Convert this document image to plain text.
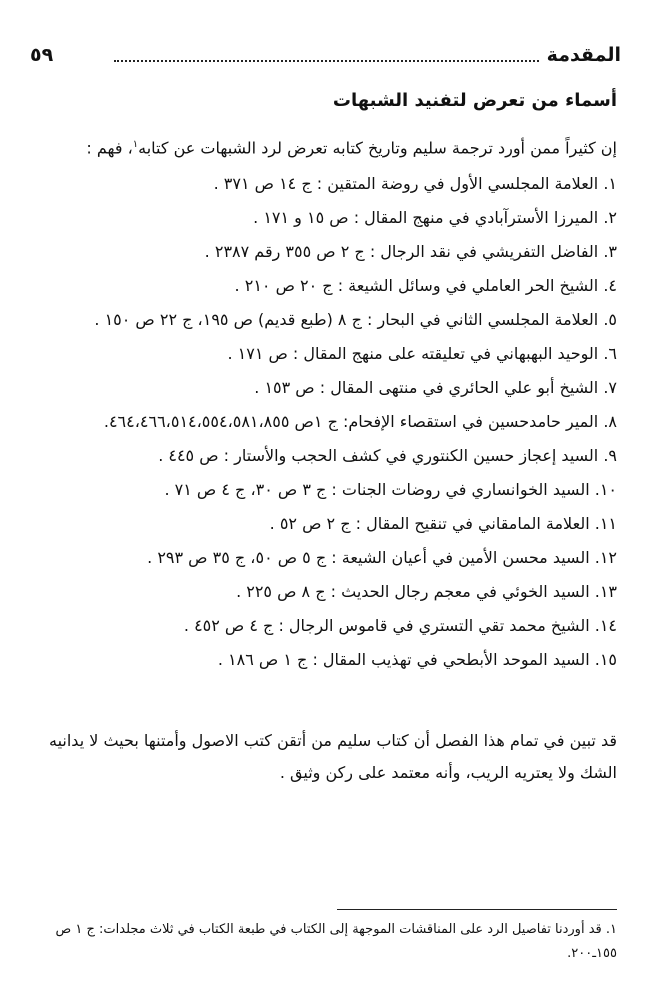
المقدمة
٥٩
أسماء من تعرض لتفنيد الشبهات

إن كثيراً ممن أورد ترجمة سليم وتاريخ كتابه تعرض لرد الشبهات عن كتابه$^١$، فهم :

١. العلامة المجلسي الأول في روضة المتقين : ج ١٤ ص ٣٧١ .
٢. الميرزا الأسترآبادي في منهج المقال : ص ١٥ و ١٧١ .
٣. الفاضل التفريشي في نقد الرجال : ج ٢ ص ٣٥٥ رقم ٢٣٨٧ .
٤. الشيخ الحر العاملي في وسائل الشيعة : ج ٢٠ ص ٢١٠ .
٥. العلامة المجلسي الثاني في البحار : ج ٨ (طبع قديم) ص ١٩٥، ج ٢٢ ص ١٥٠ .
٦. الوحيد البهبهاني في تعليقته على منهج المقال : ص ١٧١ .
٧. الشيخ أبو علي الحائري في منتهى المقال : ص ١٥٣ .
٨. المير حامدحسين في استقصاء الإفحام: ج ١ص ٤٦٤،٤٦٦،٥١٤،٥٥٤،٥٨١،٨٥٥.
٩. السيد إعجاز حسين الكنتوري في كشف الحجب والأستار : ص ٤٤٥ .
١٠. السيد الخوانساري في روضات الجنات : ج ٣ ص ٣٠، ج ٤ ص ٧١ .
١١. العلامة المامقاني في تنقيح المقال : ج ٢ ص ٥٢ .
١٢. السيد محسن الأمين في أعيان الشيعة : ج ٥ ص ٥٠، ج ٣٥ ص ٢٩٣ .
١٣. السيد الخوئي في معجم رجال الحديث : ج ٨ ص ٢٢٥ .
١٤. الشيخ محمد تقي التستري في قاموس الرجال : ج ٤ ص ٤٥٢ .
١٥. السيد الموحد الأبطحي في تهذيب المقال : ج ١ ص ١٨٦ .

قد تبين في تمام هذا الفصل أن كتاب سليم من أتقن كتب الاصول وأمتنها بحيث لا يدانيه الشك ولا يعتريه الريب، وأنه معتمد على ركن وثيق .

١. قد أوردنا تفاصيل الرد على المناقشات الموجهة إلى الكتاب في طبعة الكتاب في ثلاث مجلدات: ج ١ ص ١٥٥ـ٢٠٠.
